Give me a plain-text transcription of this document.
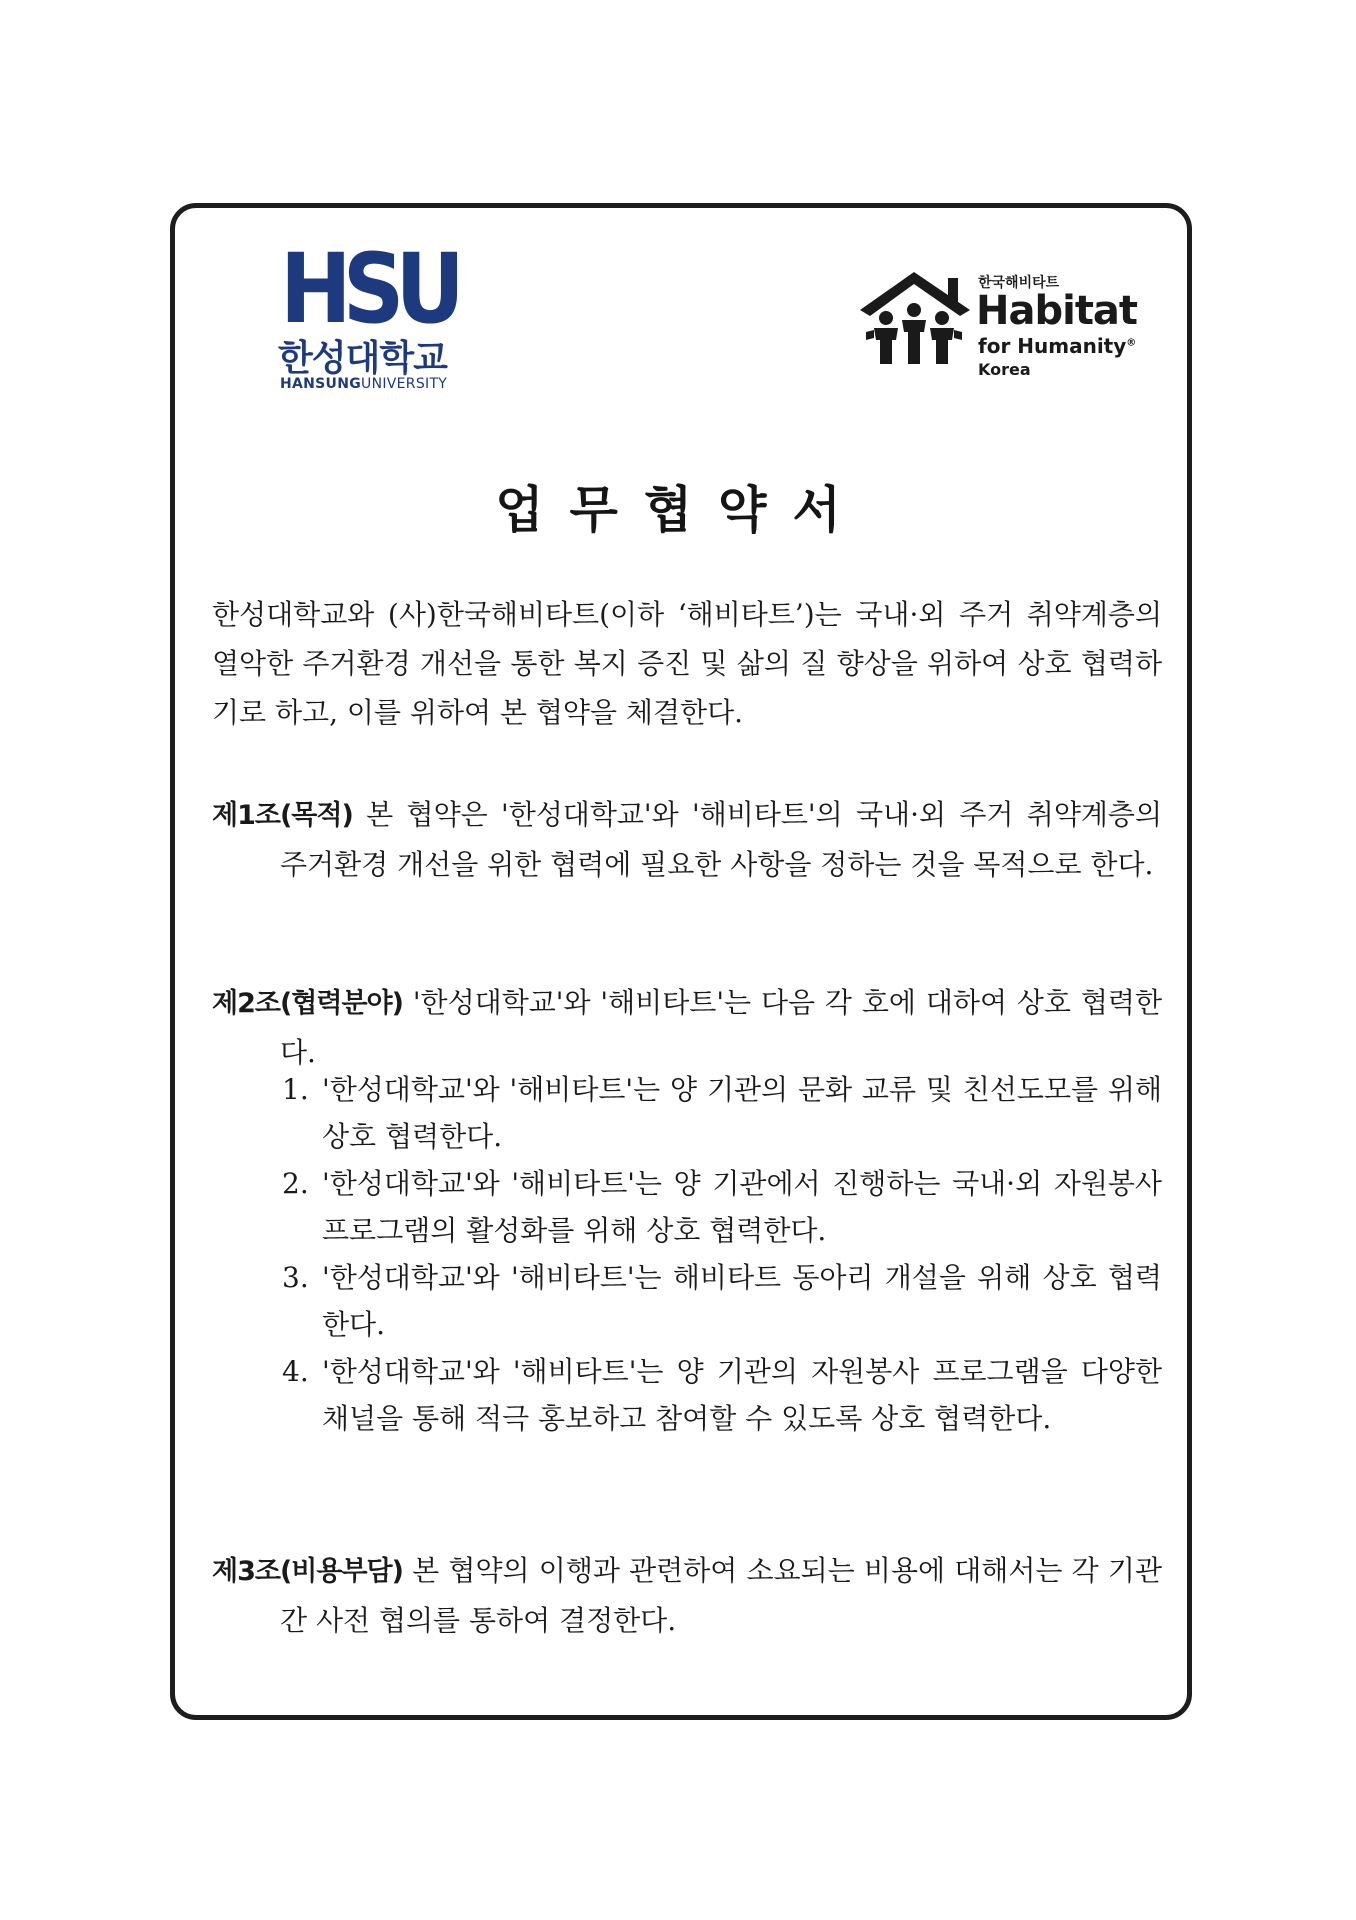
HSU
한성대학교
HANSUNGUNIVERSITY
한국해비타트
Habitat
for Humanity®
Korea
업무협약서
한성대학교와 (사)한국해비타트(이하 ‘해비타트’)는 국내·외 주거 취약계층의 열악한 주거환경 개선을 통한 복지 증진 및 삶의 질 향상을 위하여 상호 협력하기로 하고, 이를 위하여 본 협약을 체결한다.
제1조(목적) 본 협약은 '한성대학교'와 '해비타트'의 국내·외 주거 취약계층의 주거환경 개선을 위한 협력에 필요한 사항을 정하는 것을 목적으로 한다.
제2조(협력분야) '한성대학교'와 '해비타트'는 다음 각 호에 대하여 상호 협력한다.
1. '한성대학교'와 '해비타트'는 양 기관의 문화 교류 및 친선도모를 위해 상호 협력한다.
2. '한성대학교'와 '해비타트'는 양 기관에서 진행하는 국내·외 자원봉사 프로그램의 활성화를 위해 상호 협력한다.
3. '한성대학교'와 '해비타트'는 해비타트 동아리 개설을 위해 상호 협력한다.
4. '한성대학교'와 '해비타트'는 양 기관의 자원봉사 프로그램을 다양한 채널을 통해 적극 홍보하고 참여할 수 있도록 상호 협력한다.
제3조(비용부담) 본 협약의 이행과 관련하여 소요되는 비용에 대해서는 각 기관 간 사전 협의를 통하여 결정한다.
